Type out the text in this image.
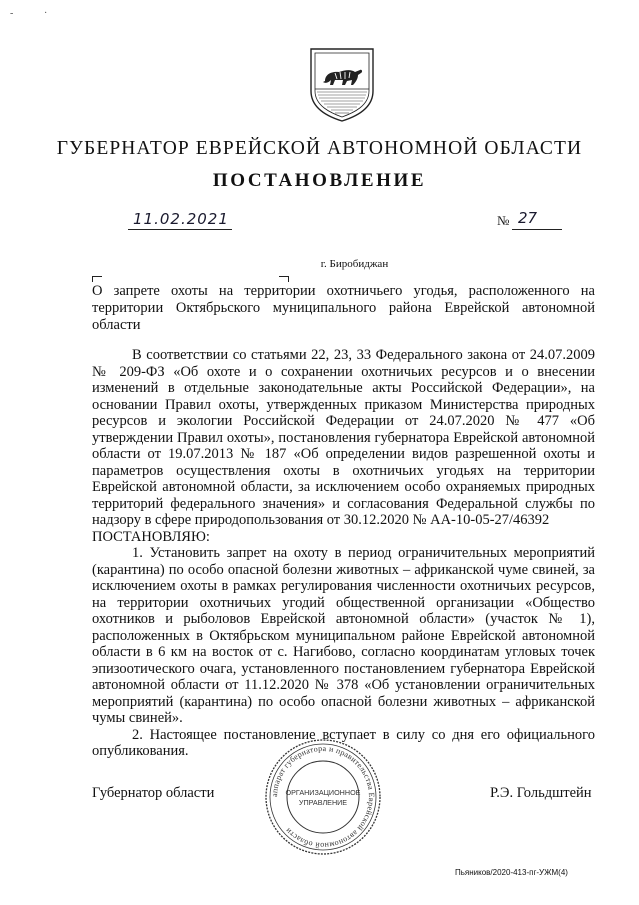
-	·
ГУБЕРНАТОР ЕВРЕЙСКОЙ АВТОНОМНОЙ ОБЛАСТИ
ПОСТАНОВЛЕНИЕ
11.02.2021	№ 27
г. Биробиджан
О запрете охоты на территории охотничьего угодья, расположенного на территории Октябрьского муниципального района Еврейской автономной области

В соответствии со статьями 22, 23, 33 Федерального закона от 24.07.2009 № 209-ФЗ «Об охоте и о сохранении охотничьих ресурсов и о внесении изменений в отдельные законодательные акты Российской Федерации», на основании Правил охоты, утвержденных приказом Министерства природных ресурсов и экологии Российской Федерации от 24.07.2020 № 477 «Об утверждении Правил охоты», постановления губернатора Еврейской автономной области от 19.07.2013 № 187 «Об определении видов разрешенной охоты и параметров осуществления охоты в охотничьих угодьях на территории Еврейской автономной области, за исключением особо охраняемых природных территорий федерального значения» и согласования Федеральной службы по надзору в сфере природопользования от 30.12.2020 № АА-10-05-27/46392

ПОСТАНОВЛЯЮ:

1. Установить запрет на охоту в период ограничительных мероприятий (карантина) по особо опасной болезни животных – африканской чуме свиней, за исключением охоты в рамках регулирования численности охотничьих ресурсов, на территории охотничьих угодий общественной организации «Общество охотников и рыболовов Еврейской автономной области» (участок № 1), расположенных в Октябрьском муниципальном районе Еврейской автономной области в 6 км на восток от с. Нагибово, согласно координатам угловых точек эпизоотического очага, установленного постановлением губернатора Еврейской автономной области от 11.12.2020 № 378 «Об установлении ограничительных мероприятий (карантина) по особо опасной болезни животных – африканской чумы свиней».

2. Настоящее постановление вступает в силу со дня его официального опубликования.

Губернатор области	Р.Э. Гольдштейн
аппарат губернатора и правительства Еврейской автономной области
ОРГАНИЗАЦИОННОЕ
УПРАВЛЕНИЕ
Пьяников/2020-413-пг-УЖМ(4)
